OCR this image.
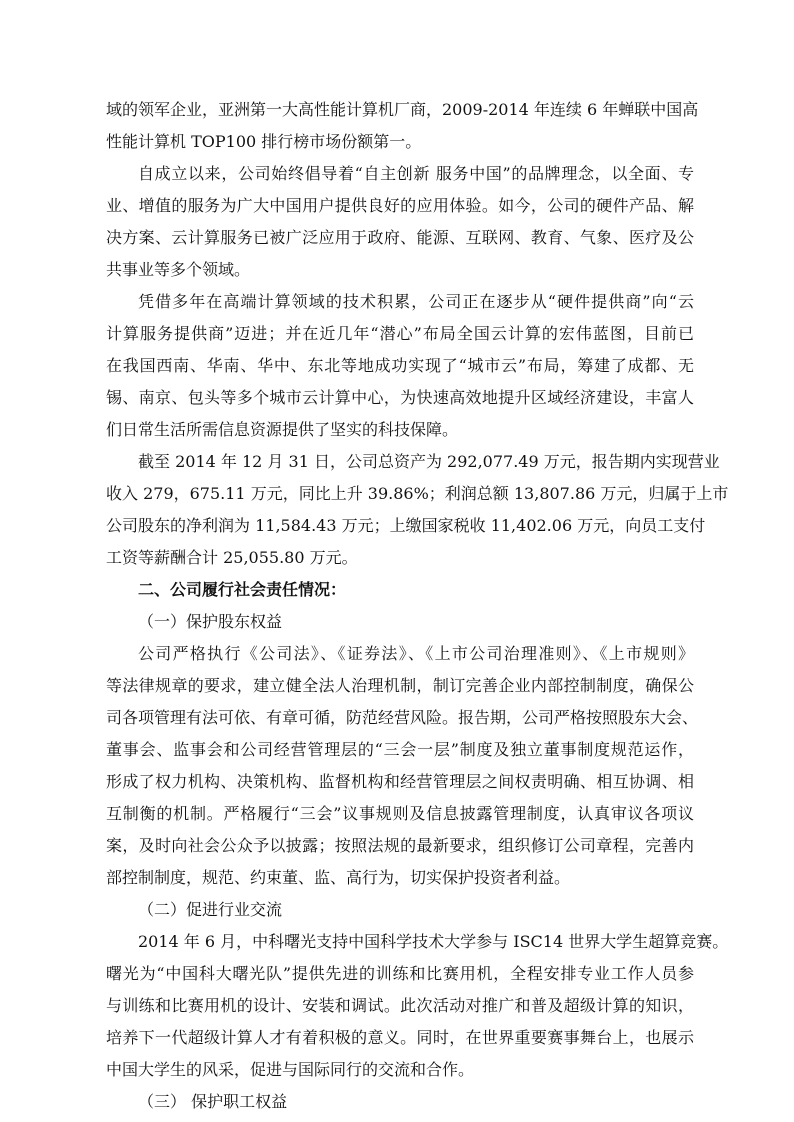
域的领军企业，亚洲第一大高性能计算机厂商，2009-2014 年连续 6 年蝉联中国高
性能计算机 TOP100 排行榜市场份额第一。
自成立以来，公司始终倡导着“自主创新 服务中国”的品牌理念，以全面、专
业、增值的服务为广大中国用户提供良好的应用体验。如今，公司的硬件产品、解
决方案、云计算服务已被广泛应用于政府、能源、互联网、教育、气象、医疗及公
共事业等多个领域。
凭借多年在高端计算领域的技术积累，公司正在逐步从“硬件提供商”向“云
计算服务提供商”迈进；并在近几年“潜心”布局全国云计算的宏伟蓝图，目前已
在我国西南、华南、华中、东北等地成功实现了“城市云”布局，筹建了成都、无
锡、南京、包头等多个城市云计算中心，为快速高效地提升区域经济建设，丰富人
们日常生活所需信息资源提供了坚实的科技保障。
截至 2014 年 12 月 31 日，公司总资产为 292,077.49 万元，报告期内实现营业
收入 279，675.11 万元，同比上升 39.86%；利润总额 13,807.86 万元，归属于上市
公司股东的净利润为 11,584.43 万元；上缴国家税收 11,402.06 万元，向员工支付
工资等薪酬合计 25,055.80 万元。
二、公司履行社会责任情况：
（一）保护股东权益
公司严格执行《公司法》、《证券法》、《上市公司治理准则》、《上市规则》
等法律规章的要求，建立健全法人治理机制，制订完善企业内部控制制度，确保公
司各项管理有法可依、有章可循，防范经营风险。报告期，公司严格按照股东大会、
董事会、监事会和公司经营管理层的“三会一层”制度及独立董事制度规范运作，
形成了权力机构、决策机构、监督机构和经营管理层之间权责明确、相互协调、相
互制衡的机制。严格履行“三会”议事规则及信息披露管理制度，认真审议各项议
案，及时向社会公众予以披露；按照法规的最新要求，组织修订公司章程，完善内
部控制制度，规范、约束董、监、高行为，切实保护投资者利益。
（二）促进行业交流
2014 年 6 月，中科曙光支持中国科学技术大学参与 ISC14 世界大学生超算竞赛。
曙光为“中国科大曙光队”提供先进的训练和比赛用机，全程安排专业工作人员参
与训练和比赛用机的设计、安装和调试。此次活动对推广和普及超级计算的知识，
培养下一代超级计算人才有着积极的意义。同时，在世界重要赛事舞台上，也展示
中国大学生的风采，促进与国际同行的交流和合作。
（三） 保护职工权益
